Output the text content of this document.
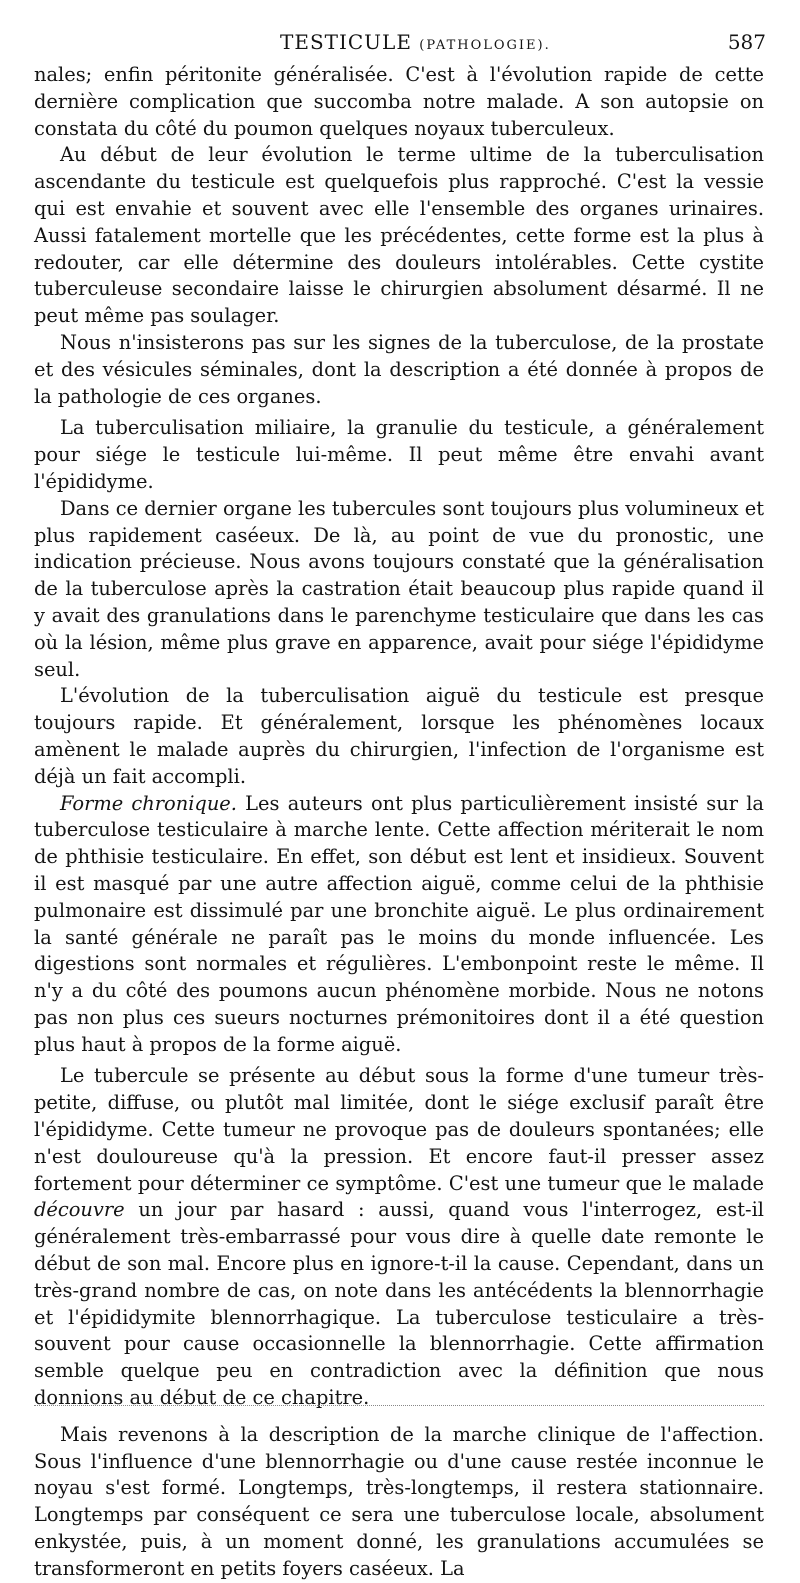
TESTICULE (PATHOLOGIE).	587

nales; enfin péritonite généralisée. C'est à l'évolution rapide de cette dernière complication que succomba notre malade. A son autopsie on constata du côté du poumon quelques noyaux tuberculeux.

Au début de leur évolution le terme ultime de la tuberculisation ascendante du testicule est quelquefois plus rapproché. C'est la vessie qui est envahie et souvent avec elle l'ensemble des organes urinaires. Aussi fatalement mortelle que les précédentes, cette forme est la plus à redouter, car elle détermine des douleurs intolérables. Cette cystite tuberculeuse secondaire laisse le chirurgien absolument désarmé. Il ne peut même pas soulager.

Nous n'insisterons pas sur les signes de la tuberculose, de la prostate et des vésicules séminales, dont la description a été donnée à propos de la pathologie de ces organes.

La tuberculisation miliaire, la granulie du testicule, a généralement pour siége le testicule lui-même. Il peut même être envahi avant l'épididyme.

Dans ce dernier organe les tubercules sont toujours plus volumineux et plus rapidement caséeux. De là, au point de vue du pronostic, une indication précieuse. Nous avons toujours constaté que la généralisation de la tuberculose après la castration était beaucoup plus rapide quand il y avait des granulations dans le parenchyme testiculaire que dans les cas où la lésion, même plus grave en apparence, avait pour siége l'épididyme seul.

L'évolution de la tuberculisation aiguë du testicule est presque toujours rapide. Et généralement, lorsque les phénomènes locaux amènent le malade auprès du chirurgien, l'infection de l'organisme est déjà un fait accompli.

Forme chronique. Les auteurs ont plus particulièrement insisté sur la tuberculose testiculaire à marche lente. Cette affection mériterait le nom de phthisie testiculaire. En effet, son début est lent et insidieux. Souvent il est masqué par une autre affection aiguë, comme celui de la phthisie pulmonaire est dissimulé par une bronchite aiguë. Le plus ordinairement la santé générale ne paraît pas le moins du monde influencée. Les digestions sont normales et régulières. L'embonpoint reste le même. Il n'y a du côté des poumons aucun phénomène morbide. Nous ne notons pas non plus ces sueurs nocturnes prémonitoires dont il a été question plus haut à propos de la forme aiguë.

Le tubercule se présente au début sous la forme d'une tumeur très-petite, diffuse, ou plutôt mal limitée, dont le siége exclusif paraît être l'épididyme. Cette tumeur ne provoque pas de douleurs spontanées; elle n'est douloureuse qu'à la pression. Et encore faut-il presser assez fortement pour déterminer ce symptôme. C'est une tumeur que le malade découvre un jour par hasard : aussi, quand vous l'interrogez, est-il généralement très-embarrassé pour vous dire à quelle date remonte le début de son mal. Encore plus en ignore-t-il la cause. Cependant, dans un très-grand nombre de cas, on note dans les antécédents la blennorrhagie et l'épididymite blennorrhagique. La tuberculose testiculaire a très-souvent pour cause occasionnelle la blennorrhagie. Cette affirmation semble quelque peu en contradiction avec la définition que nous donnions au début de ce chapitre.

Mais revenons à la description de la marche clinique de l'affection. Sous l'influence d'une blennorrhagie ou d'une cause restée inconnue le noyau s'est formé. Longtemps, très-longtemps, il restera stationnaire. Longtemps par conséquent ce sera une tuberculose locale, absolument enkystée, puis, à un moment donné, les granulations accumulées se transformeront en petits foyers caséeux. La
